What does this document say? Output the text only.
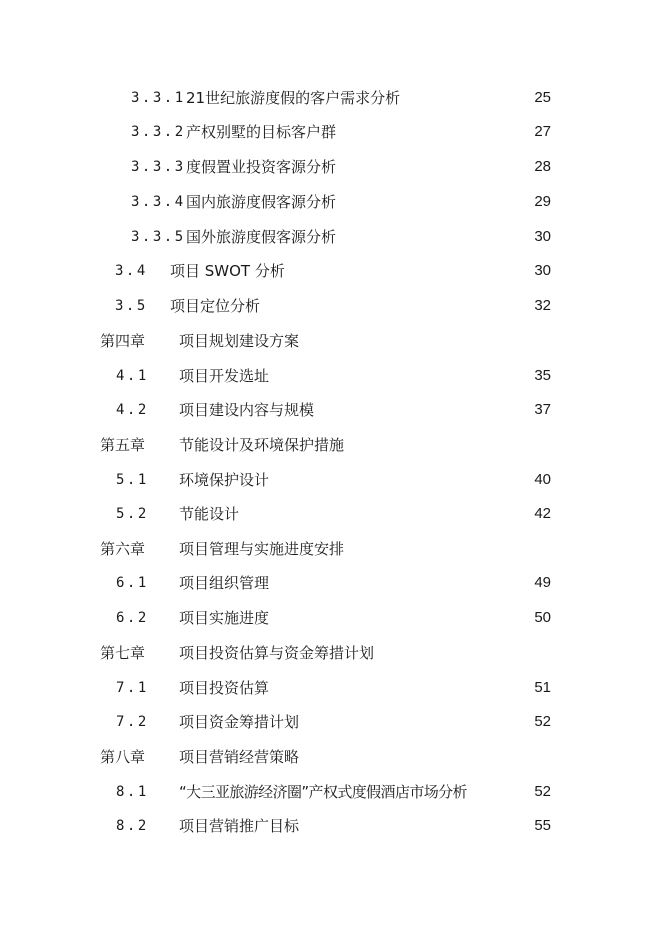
3.3.1 21世纪旅游度假的客户需求分析	25
3.3.2 产权别墅的目标客户群	27
3.3.3 度假置业投资客源分析	28
3.3.4 国内旅游度假客源分析	29
3.3.5 国外旅游度假客源分析	30
3.4 项目 SWOT 分析	30
3.5 项目定位分析	32
第四章 项目规划建设方案
4.1 项目开发选址	35
4.2 项目建设内容与规模	37
第五章 节能设计及环境保护措施
5.1 环境保护设计	40
5.2 节能设计	42
第六章 项目管理与实施进度安排
6.1 项目组织管理	49
6.2 项目实施进度	50
第七章 项目投资估算与资金筹措计划
7.1 项目投资估算	51
7.2 项目资金筹措计划	52
第八章 项目营销经营策略
8.1 “大三亚旅游经济圈”产权式度假酒店市场分析	52
8.2 项目营销推广目标	55
